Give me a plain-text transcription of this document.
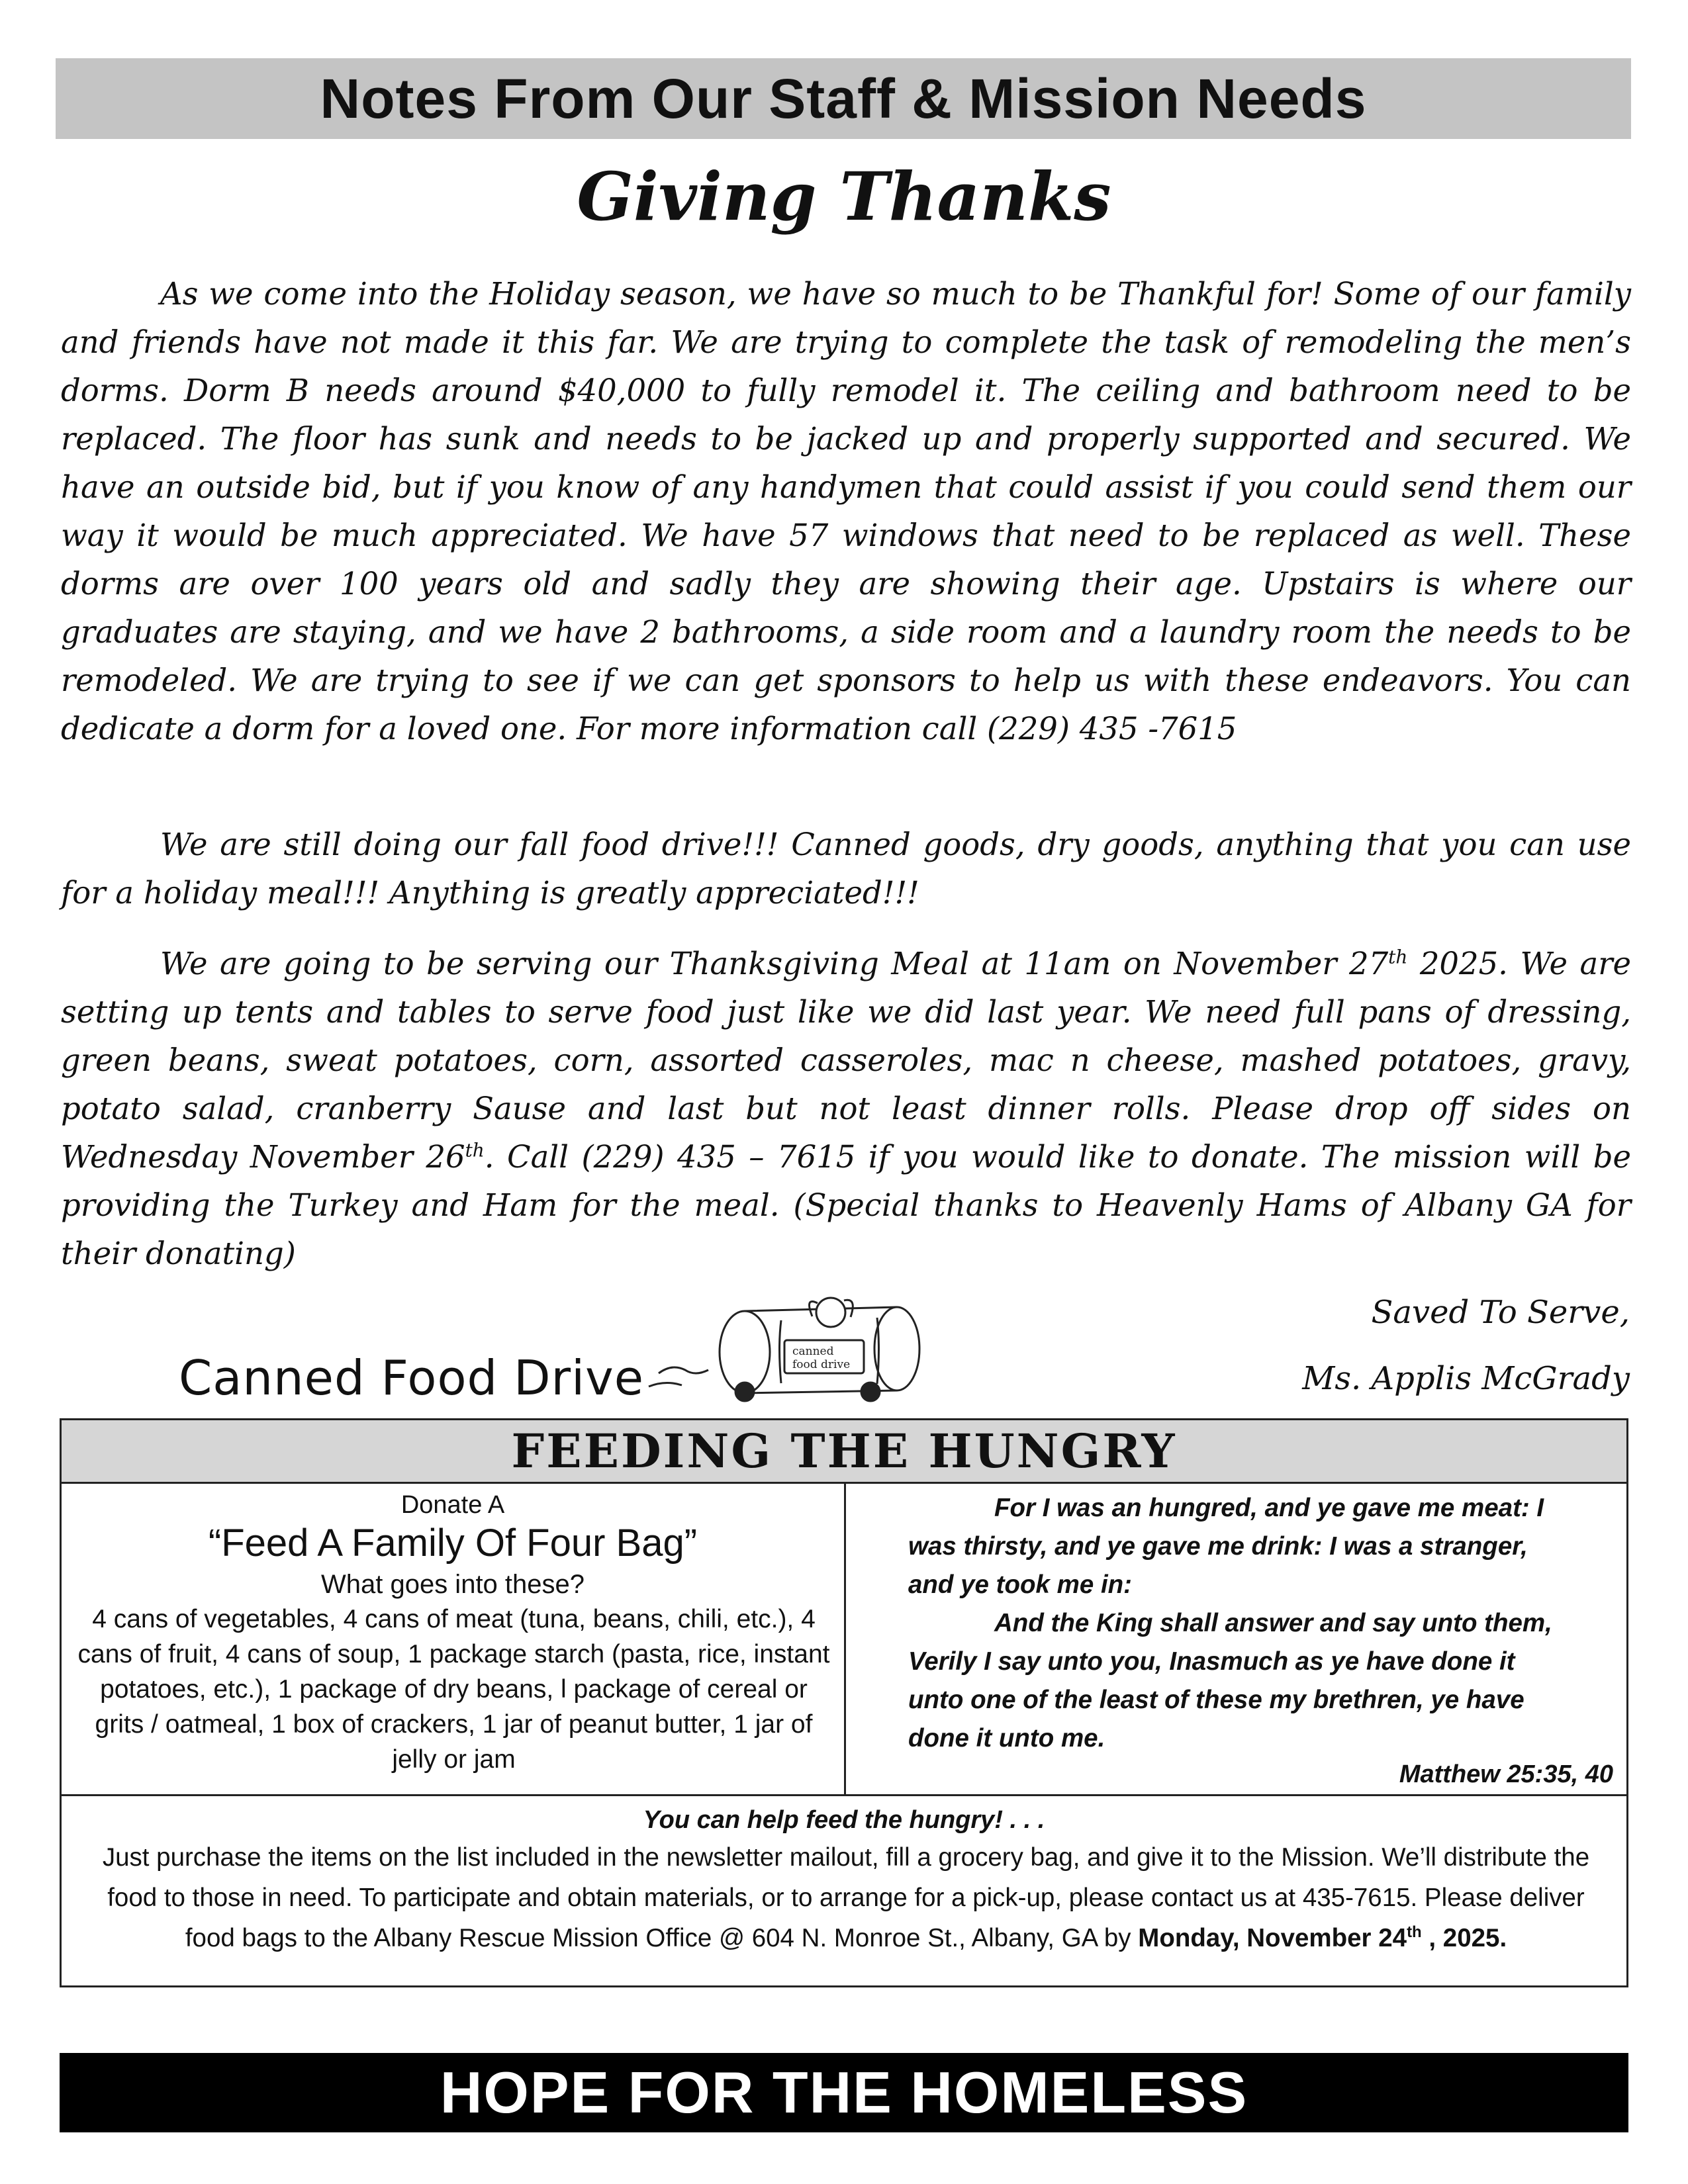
Notes From Our Staff & Mission Needs
Giving Thanks

As we come into the Holiday season, we have so much to be Thankful for! Some of our family and friends have not made it this far. We are trying to complete the task of remodeling the men’s dorms. Dorm B needs around $40,000 to fully remodel it. The ceiling and bathroom need to be replaced. The floor has sunk and needs to be jacked up and properly supported and secured. We have an outside bid, but if you know of any handymen that could assist if you could send them our way it would be much appreciated. We have 57 windows that need to be replaced as well. These dorms are over 100 years old and sadly they are showing their age. Upstairs is where our graduates are staying, and we have 2 bathrooms, a side room and a laundry room the needs to be remodeled. We are trying to see if we can get sponsors to help us with these endeavors. You can dedicate a dorm for a loved one. For more information call (229) 435 -7615

We are still doing our fall food drive!!! Canned goods, dry goods, anything that you can use for a holiday meal!!! Anything is greatly appreciated!!!

We are going to be serving our Thanksgiving Meal at 11am on November 27th 2025. We are setting up tents and tables to serve food just like we did last year. We need full pans of dressing, green beans, sweat potatoes, corn, assorted casseroles, mac n cheese, mashed potatoes, gravy, potato salad, cranberry Sause and last but not least dinner rolls. Please drop off sides on Wednesday November 26th. Call (229) 435 – 7615 if you would like to donate. The mission will be providing the Turkey and Ham for the meal. (Special thanks to Heavenly Hams of Albany GA for their donating)

Saved To Serve,
Ms. Applis McGrady
Canned Food Drive	canned
food drive
FEEDING THE HUNGRY
Donate A
“Feed A Family Of Four Bag”
What goes into these?
4 cans of vegetables, 4 cans of meat (tuna, beans, chili, etc.), 4 cans of fruit, 4 cans of soup, 1 package starch (pasta, rice, instant potatoes, etc.), 1 package of dry beans, l package of cereal or grits / oatmeal, 1 box of crackers, 1 jar of peanut butter, 1 jar of jelly or jam

For I was an hungred, and ye gave me meat: I was thirsty, and ye gave me drink: I was a stranger, and ye took me in:

And the King shall answer and say unto them, Verily I say unto you, Inasmuch as ye have done it unto one of the least of these my brethren, ye have done it unto me.

Matthew 25:35, 40
You can help feed the hungry! . . .
Just purchase the items on the list included in the newsletter mailout, fill a grocery bag, and give it to the Mission. We’ll distribute the food to those in need. To participate and obtain materials, or to arrange for a pick-up, please contact us at 435-7615. Please deliver food bags to the Albany Rescue Mission Office @ 604 N. Monroe St., Albany, GA by Monday, November 24th , 2025.
HOPE FOR THE HOMELESS
